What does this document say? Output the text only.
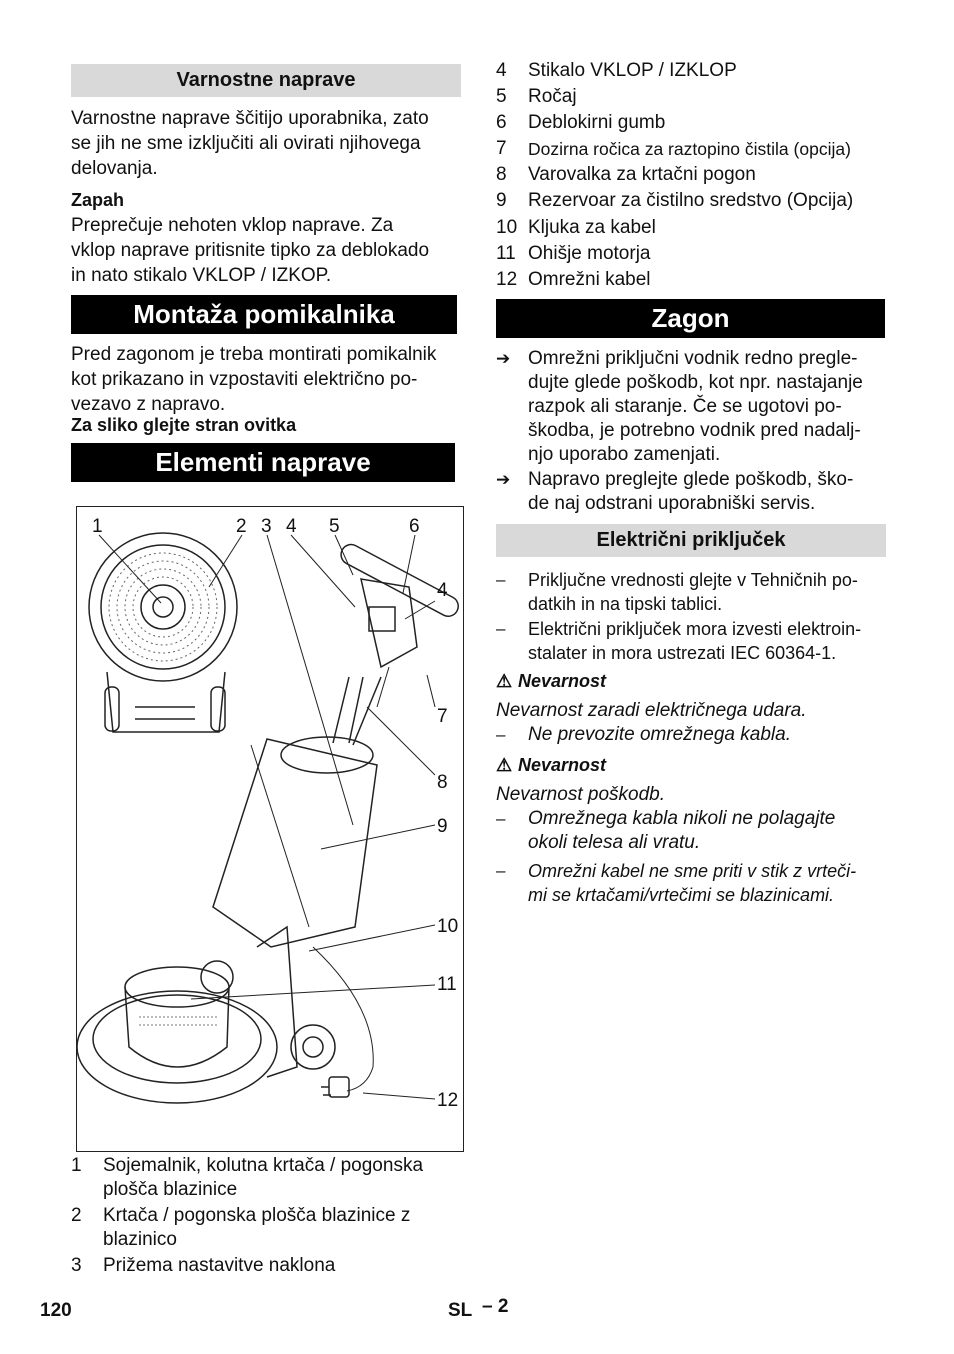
Varnostne naprave
Varnostne naprave ščitijo uporabnika, zato
se jih ne sme izključiti ali ovirati njihovega
delovanja.
Zapah
Preprečuje nehoten vklop naprave. Za
vklop naprave pritisnite tipko za deblokado
in nato stikalo VKLOP / IZKOP.
Montaža pomikalnika
Pred zagonom je treba montirati pomikalnik
kot prikazano in vzpostaviti električno po-
vezavo z napravo.
Za sliko glejte stran ovitka
Elementi naprave
1	2 3 4 5	6
4
7
8
9
10
11
12
1	Sojemalnik, kolutna krtača / pogonska
plošča blazinice
2	Krtača / pogonska plošča blazinice z
blazinico
3	Prižema nastavitve naklona
4	Stikalo VKLOP / IZKLOP
5	Ročaj
6	Deblokirni gumb
7	Dozirna ročica za raztopino čistila (opcija)
8	Varovalka za krtačni pogon
9	Rezervoar za čistilno sredstvo (Opcija)
10 Kljuka za kabel
11 Ohišje motorja
12 Omrežni kabel
Zagon
➔ Omrežni priključni vodnik redno pregle-
dujte glede poškodb, kot npr. nastajanje
razpok ali staranje. Če se ugotovi po-
škodba, je potrebno vodnik pred nadalj-
njo uporabo zamenjati.
➔ Napravo preglejte glede poškodb, ško-
de naj odstrani uporabniški servis.
Električni priključek
–	Priključne vrednosti glejte v Tehničnih po-
datkih in na tipski tablici.
–	Električni priključek mora izvesti elektroin-
stalater in mora ustrezati IEC 60364-1.
⚠ Nevarnost
Nevarnost zaradi električnega udara.
–	Ne prevozite omrežnega kabla.
⚠ Nevarnost
Nevarnost poškodb.
–	Omrežnega kabla nikoli ne polagajte
okoli telesa ali vratu.
–	Omrežni kabel ne sme priti v stik z vrteči-
mi se krtačami/vrtečimi se blazinicami.
120	SL – 2
